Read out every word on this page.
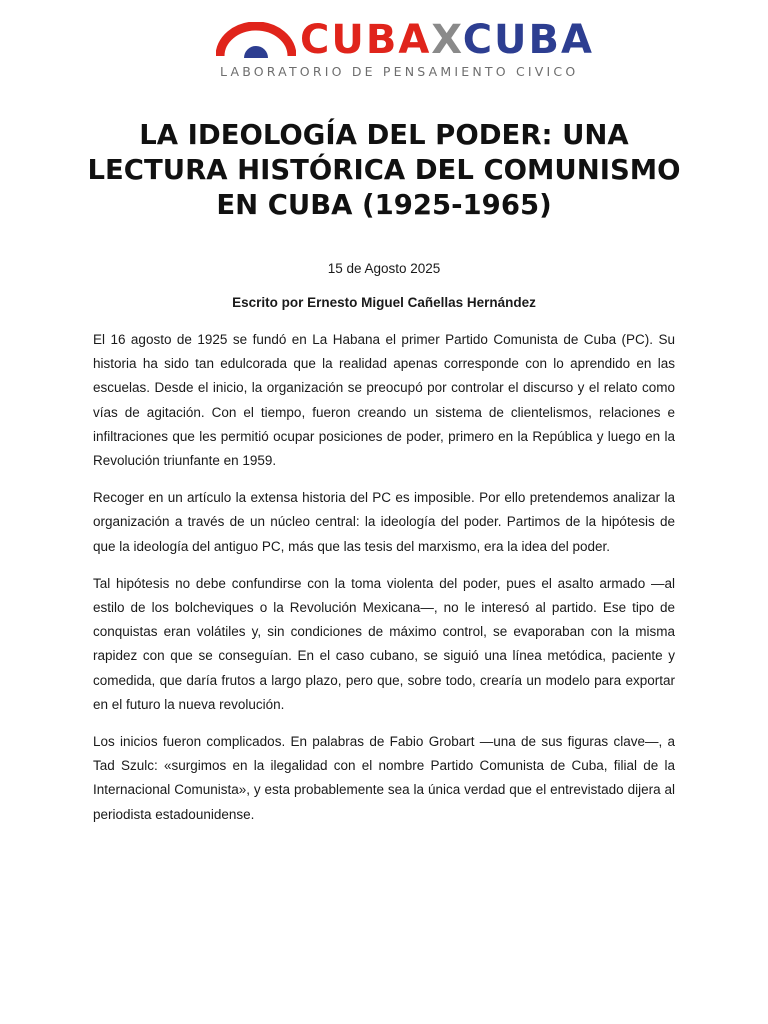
CUBAXCUBA
LABORATORIO DE PENSAMIENTO CIVICO
LA IDEOLOGÍA DEL PODER: UNA LECTURA HISTÓRICA DEL COMUNISMO EN CUBA (1925-1965)

15 de Agosto 2025

Escrito por Ernesto Miguel Cañellas Hernández

El 16 agosto de 1925 se fundó en La Habana el primer Partido Comunista de Cuba (PC). Su historia ha sido tan edulcorada que la realidad apenas corresponde con lo aprendido en las escuelas. Desde el inicio, la organización se preocupó por controlar el discurso y el relato como vías de agitación. Con el tiempo, fueron creando un sistema de clientelismos, relaciones e infiltraciones que les permitió ocupar posiciones de poder, primero en la República y luego en la Revolución triunfante en 1959.

Recoger en un artículo la extensa historia del PC es imposible. Por ello pretendemos analizar la organización a través de un núcleo central: la ideología del poder. Partimos de la hipótesis de que la ideología del antiguo PC, más que las tesis del marxismo, era la idea del poder.

Tal hipótesis no debe confundirse con la toma violenta del poder, pues el asalto armado —al estilo de los bolcheviques o la Revolución Mexicana—, no le interesó al partido. Ese tipo de conquistas eran volátiles y, sin condiciones de máximo control, se evaporaban con la misma rapidez con que se conseguían. En el caso cubano, se siguió una línea metódica, paciente y comedida, que daría frutos a largo plazo, pero que, sobre todo, crearía un modelo para exportar en el futuro la nueva revolución.

Los inicios fueron complicados. En palabras de Fabio Grobart —una de sus figuras clave—, a Tad Szulc: «surgimos en la ilegalidad con el nombre Partido Comunista de Cuba, filial de la Internacional Comunista», y esta probablemente sea la única verdad que el entrevistado dijera al periodista estadounidense.
